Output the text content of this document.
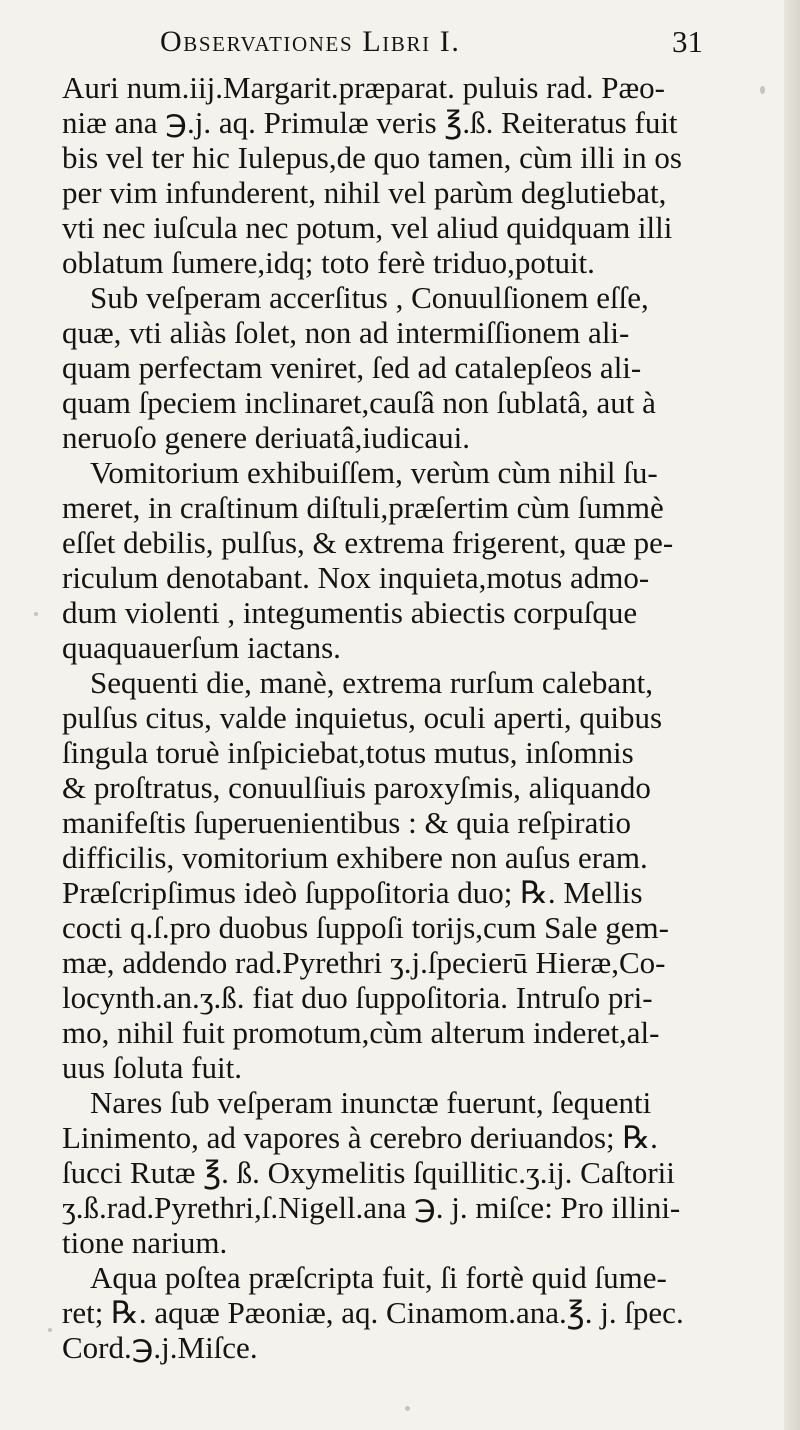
Observationes Libri I.	31
Auri num.iij.Margarit.præparat. puluis rad. Pæo-
niæ ana ℈.j. aq. Primulæ veris ℥.ß. Reiteratus fuit
bis vel ter hic Iulepus,de quo tamen, cùm illi in os
per vim infunderent, nihil vel parùm deglutiebat,
vti nec iuſcula nec potum, vel aliud quidquam illi
oblatum ſumere,idq; toto ferè triduo,potuit.
Sub veſperam accerſitus , Conuulſionem eſſe,
quæ, vti aliàs ſolet, non ad intermiſſionem ali-
quam perfectam veniret, ſed ad catalepſeos ali-
quam ſpeciem inclinaret,cauſâ non ſublatâ, aut à
neruoſo genere deriuatâ,iudicaui.
Vomitorium exhibuiſſem, verùm cùm nihil ſu-
meret, in craſtinum diſtuli,præſertim cùm ſummè
eſſet debilis, pulſus, & extrema frigerent, quæ pe-
riculum denotabant. Nox inquieta,motus admo-
dum violenti , integumentis abiectis corpuſque
quaquauerſum iactans.
Sequenti die, manè, extrema rurſum calebant,
pulſus citus, valde inquietus, oculi aperti, quibus
ſingula toruè inſpiciebat,totus mutus, inſomnis
& proſtratus, conuulſiuis paroxyſmis, aliquando
manifeſtis ſuperuenientibus : & quia reſpiratio
difficilis, vomitorium exhibere non auſus eram.
Præſcripſimus ideò ſuppoſitoria duo; ℞. Mellis
cocti q.ſ.pro duobus ſuppoſi torijs,cum Sale gem-
mæ, addendo rad.Pyrethri ʒ.j.ſpecierū Hieræ,Co-
locynth.an.ʒ.ß. fiat duo ſuppoſitoria. Intruſo pri-
mo, nihil fuit promotum,cùm alterum inderet,al-
uus ſoluta fuit.
Nares ſub veſperam inunctæ fuerunt, ſequenti
Linimento, ad vapores à cerebro deriuandos; ℞.
ſucci Rutæ ℥. ß. Oxymelitis ſquillitic.ʒ.ij. Caſtorii
ʒ.ß.rad.Pyrethri,ſ.Nigell.ana ℈. j. miſce: Pro illini-
tione narium.
Aqua poſtea præſcripta fuit, ſi fortè quid ſume-
ret; ℞. aquæ Pæoniæ, aq. Cinamom.ana.℥. j. ſpec.
Cord.℈.j.Miſce.
